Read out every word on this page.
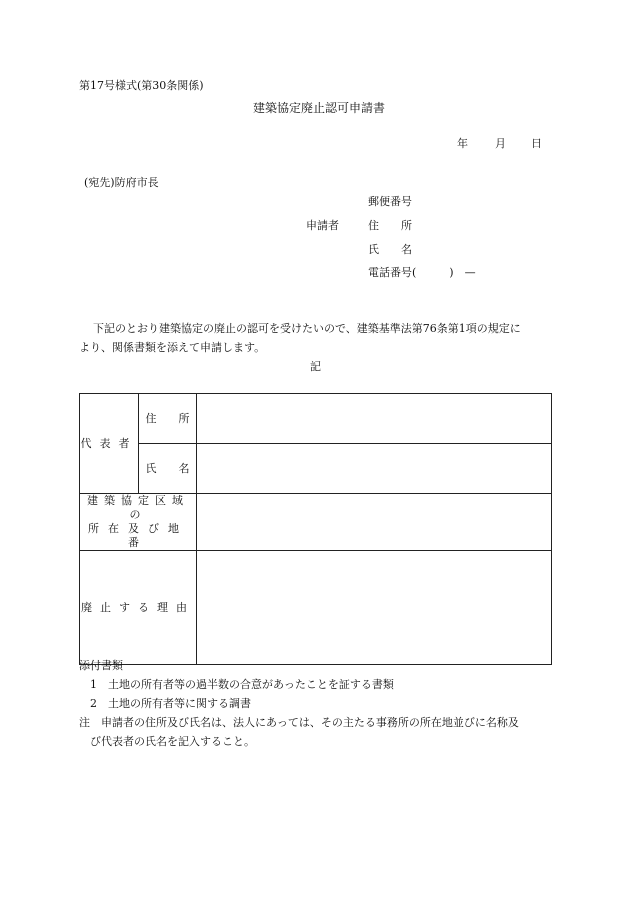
第17号様式(第30条関係)
建築協定廃止認可申請書
年 月 日
(宛先)防府市長
郵便番号
申請者	住　　所
氏　　名
電話番号(　　　)　—
下記のとおり建築協定の廃止の認可を受けたいので、建築基準法第76条第1項の規定に
より、関係書類を添えて申請します。
記
代表者	住　　所	
	氏　　名	

建築協定区域の
所在及び地番		

廃止する理由		
添付書類
1　土地の所有者等の過半数の合意があったことを証する書類
2　土地の所有者等に関する調書
注 申請者の住所及び氏名は、法人にあっては、その主たる事務所の所在地並びに名称及
び代表者の氏名を記入すること。
